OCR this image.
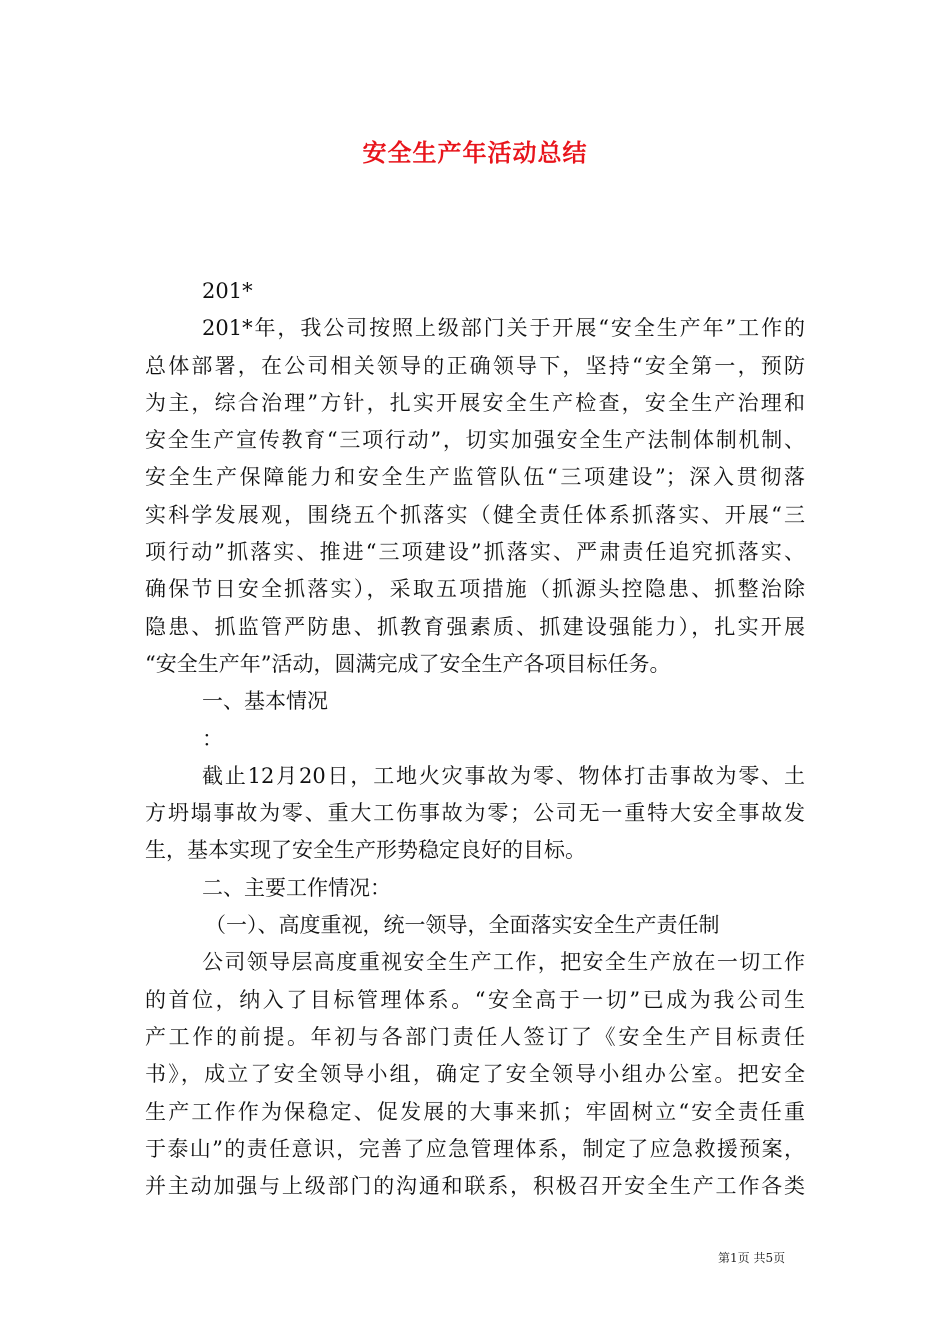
安全生产年活动总结
201*
201*年，我公司按照上级部门关于开展“安全生产年”工作的
总体部署，在公司相关领导的正确领导下，坚持“安全第一，预防
为主，综合治理”方针，扎实开展安全生产检查，安全生产治理和
安全生产宣传教育“三项行动”，切实加强安全生产法制体制机制、
安全生产保障能力和安全生产监管队伍“三项建设”；深入贯彻落
实科学发展观，围绕五个抓落实（健全责任体系抓落实、开展“三
项行动”抓落实、推进“三项建设”抓落实、严肃责任追究抓落实、
确保节日安全抓落实），采取五项措施（抓源头控隐患、抓整治除
隐患、抓监管严防患、抓教育强素质、抓建设强能力），扎实开展
“安全生产年”活动，圆满完成了安全生产各项目标任务。
一、基本情况
：
截止12月20日，工地火灾事故为零、物体打击事故为零、土
方坍塌事故为零、重大工伤事故为零；公司无一重特大安全事故发
生，基本实现了安全生产形势稳定良好的目标。
二、主要工作情况：
（一）、高度重视，统一领导，全面落实安全生产责任制
公司领导层高度重视安全生产工作，把安全生产放在一切工作
的首位，纳入了目标管理体系。“安全高于一切”已成为我公司生
产工作的前提。年初与各部门责任人签订了《安全生产目标责任
书》，成立了安全领导小组，确定了安全领导小组办公室。把安全
生产工作作为保稳定、促发展的大事来抓；牢固树立“安全责任重
于泰山”的责任意识，完善了应急管理体系，制定了应急救援预案，
并主动加强与上级部门的沟通和联系，积极召开安全生产工作各类
第1页 共5页
